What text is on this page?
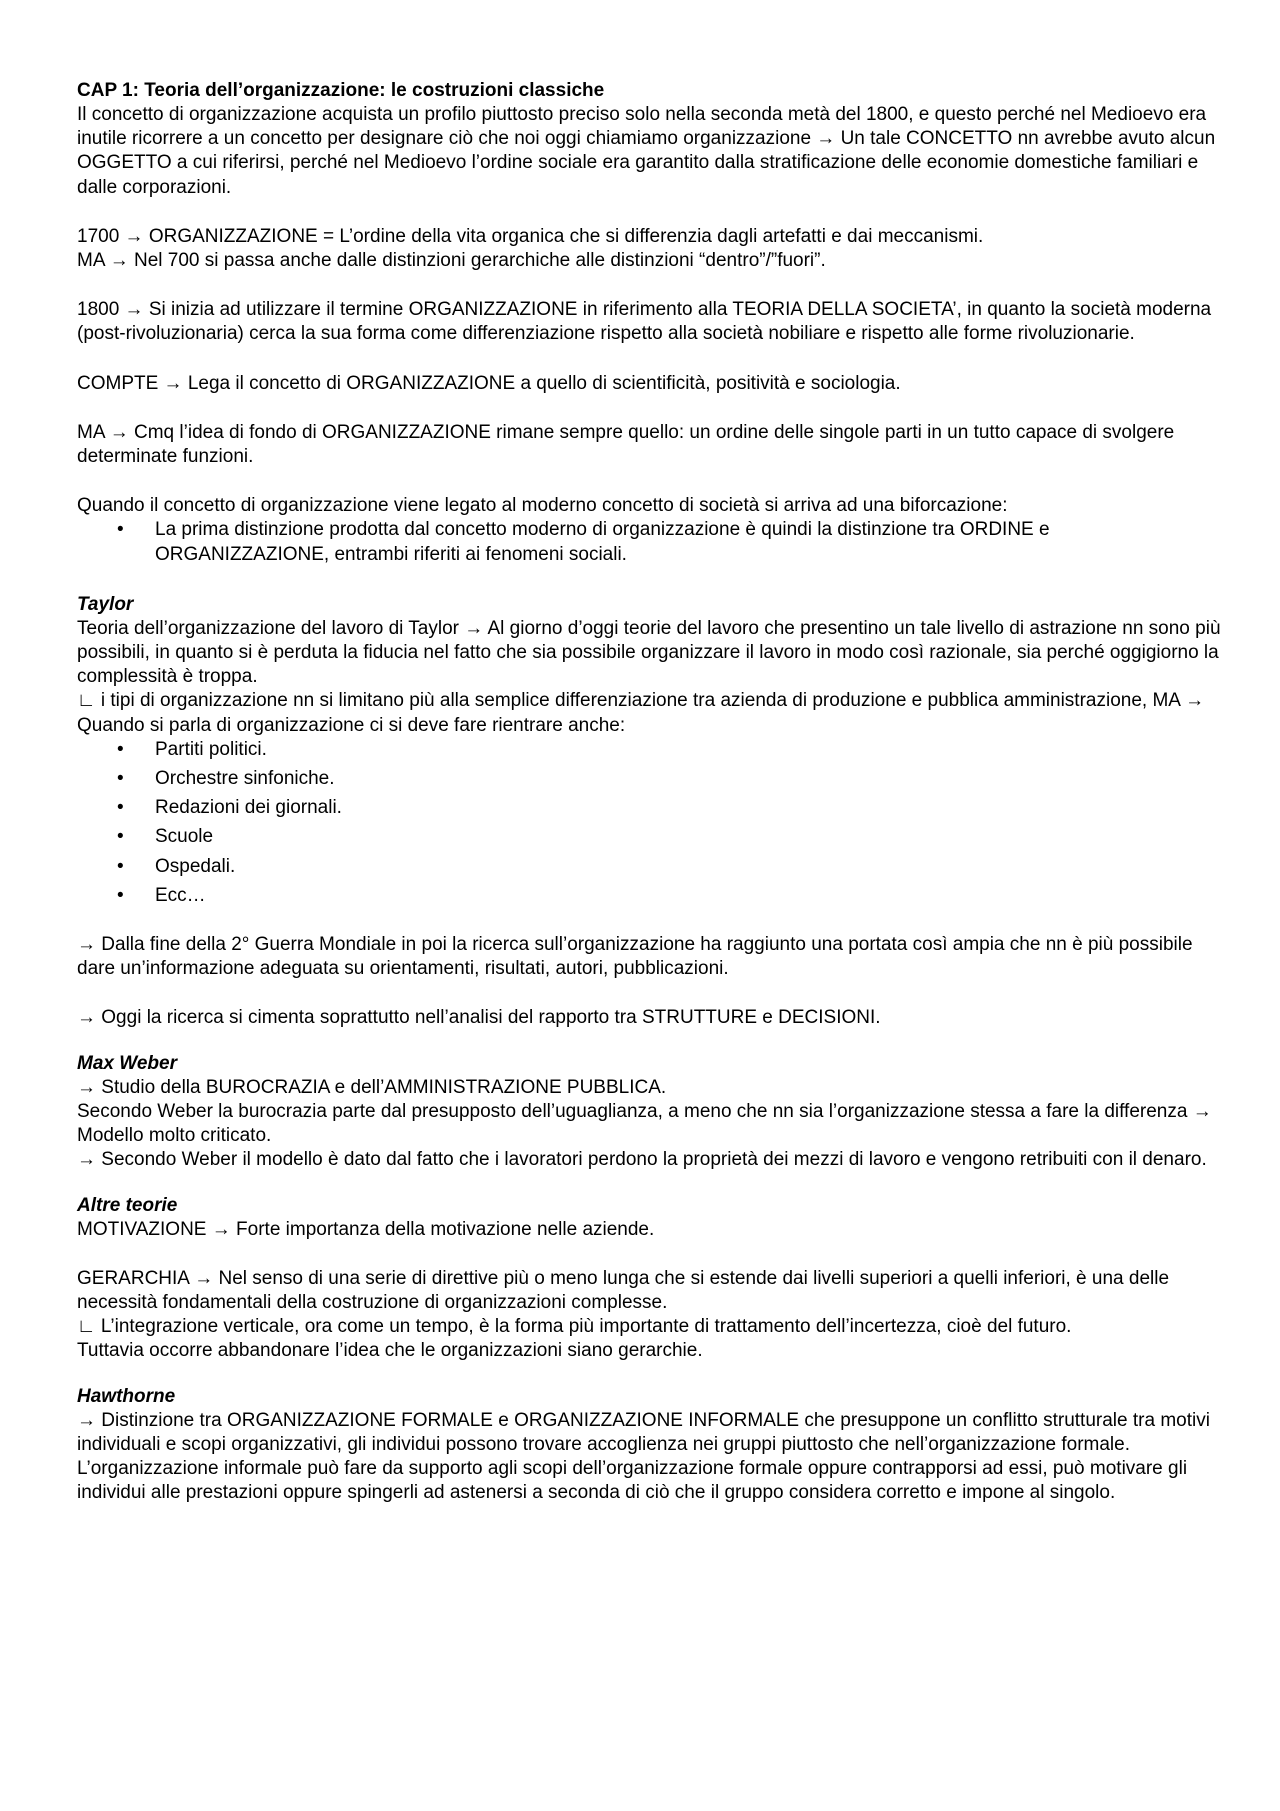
CAP 1: Teoria dell’organizzazione: le costruzioni classiche

Il concetto di organizzazione acquista un profilo piuttosto preciso solo nella seconda metà del 1800, e questo perché nel Medioevo era inutile ricorrere a un concetto per designare ciò che noi oggi chiamiamo organizzazione → Un tale CONCETTO nn avrebbe avuto alcun OGGETTO a cui riferirsi, perché nel Medioevo l’ordine sociale era garantito dalla stratificazione delle economie domestiche familiari e dalle corporazioni.

1700 → ORGANIZZAZIONE = L’ordine della vita organica che si differenzia dagli artefatti e dai meccanismi.

MA → Nel 700 si passa anche dalle distinzioni gerarchiche alle distinzioni “dentro”/”fuori”.

1800 → Si inizia ad utilizzare il termine ORGANIZZAZIONE in riferimento alla TEORIA DELLA SOCIETA’, in quanto la società moderna (post-rivoluzionaria) cerca la sua forma come differenziazione rispetto alla società nobiliare e rispetto alle forme rivoluzionarie.

COMPTE → Lega il concetto di ORGANIZZAZIONE a quello di scientificità, positività e sociologia.

MA → Cmq l’idea di fondo di ORGANIZZAZIONE rimane sempre quello: un ordine delle singole parti in un tutto capace di svolgere determinate funzioni.

Quando il concetto di organizzazione viene legato al moderno concetto di società si arriva ad una biforcazione:

• La prima distinzione prodotta dal concetto moderno di organizzazione è quindi la distinzione tra ORDINE e ORGANIZZAZIONE, entrambi riferiti ai fenomeni sociali.

Taylor

Teoria dell’organizzazione del lavoro di Taylor → Al giorno d’oggi teorie del lavoro che presentino un tale livello di astrazione nn sono più possibili, in quanto si è perduta la fiducia nel fatto che sia possibile organizzare il lavoro in modo così razionale, sia perché oggigiorno la complessità è troppa.

∟ i tipi di organizzazione nn si limitano più alla semplice differenziazione tra azienda di produzione e pubblica amministrazione, MA → Quando si parla di organizzazione ci si deve fare rientrare anche:

• Partiti politici.
• Orchestre sinfoniche.
• Redazioni dei giornali.
• Scuole
• Ospedali.
• Ecc…

→ Dalla fine della 2° Guerra Mondiale in poi la ricerca sull’organizzazione ha raggiunto una portata così ampia che nn è più possibile dare un’informazione adeguata su orientamenti, risultati, autori, pubblicazioni.

→ Oggi la ricerca si cimenta soprattutto nell’analisi del rapporto tra STRUTTURE e DECISIONI.

Max Weber

→ Studio della BUROCRAZIA e dell’AMMINISTRAZIONE PUBBLICA.

Secondo Weber la burocrazia parte dal presupposto dell’uguaglianza, a meno che nn sia l’organizzazione stessa a fare la differenza → Modello molto criticato.

→ Secondo Weber il modello è dato dal fatto che i lavoratori perdono la proprietà dei mezzi di lavoro e vengono retribuiti con il denaro.

Altre teorie

MOTIVAZIONE → Forte importanza della motivazione nelle aziende.

GERARCHIA → Nel senso di una serie di direttive più o meno lunga che si estende dai livelli superiori a quelli inferiori, è una delle necessità fondamentali della costruzione di organizzazioni complesse.

∟ L’integrazione verticale, ora come un tempo, è la forma più importante di trattamento dell’incertezza, cioè del futuro.

Tuttavia occorre abbandonare l’idea che le organizzazioni siano gerarchie.

Hawthorne

→ Distinzione tra ORGANIZZAZIONE FORMALE e ORGANIZZAZIONE INFORMALE che presuppone un conflitto strutturale tra motivi individuali e scopi organizzativi, gli individui possono trovare accoglienza nei gruppi piuttosto che nell’organizzazione formale.

L’organizzazione informale può fare da supporto agli scopi dell’organizzazione formale oppure contrapporsi ad essi, può motivare gli individui alle prestazioni oppure spingerli ad astenersi a seconda di ciò che il gruppo considera corretto e impone al singolo.
